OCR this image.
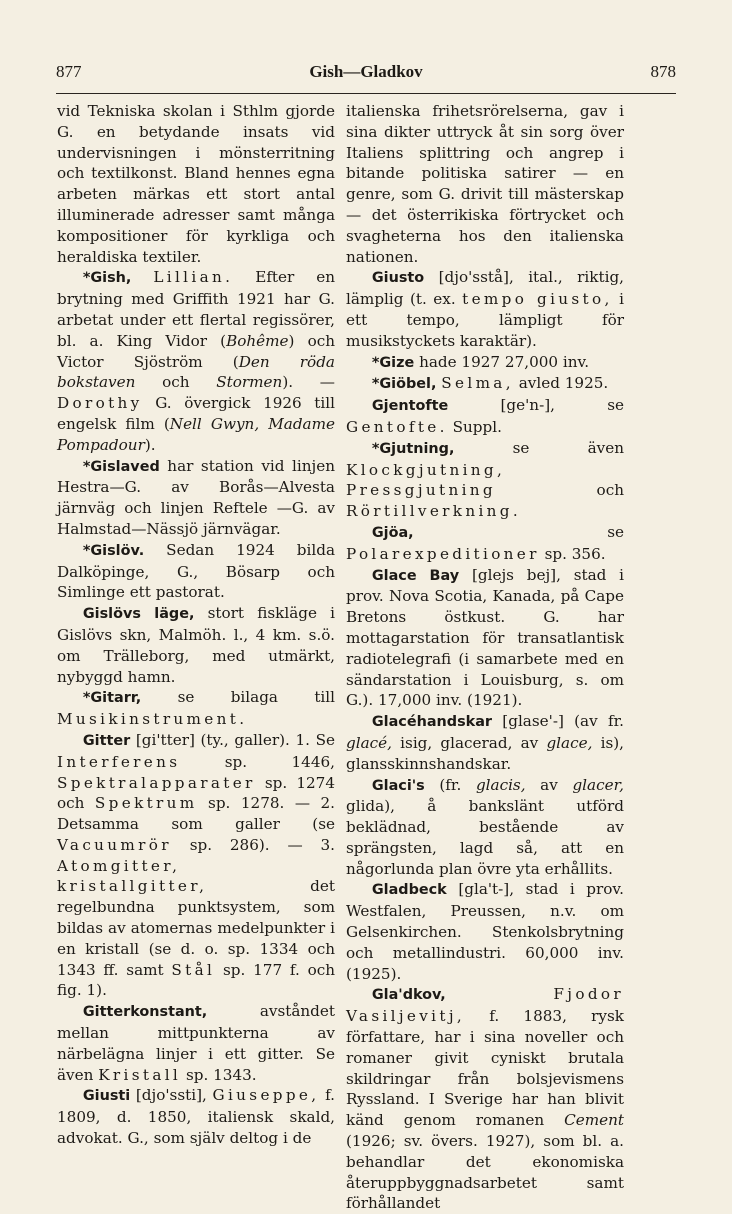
877	Gish—Gladkov	878

vid Tekniska skolan i Sthlm gjorde G. en betydande insats vid undervisningen i mönsterritning och textilkonst. Bland hennes egna arbeten märkas ett stort antal illuminerade adresser samt många kompositioner för kyrkliga och heraldiska textiler.

*Gish, Lillian. Efter en brytning med Griffith 1921 har G. arbetat under ett flertal regissörer, bl. a. King Vidor (Bohême) och Victor Sjöström (Den röda bokstaven och Stormen). — Dorothy G. övergick 1926 till engelsk film (Nell Gwyn, Madame Pompadour).

*Gislaved har station vid linjen Hestra—G. av Borås—Alvesta järnväg och linjen Reftele —G. av Halmstad—Nässjö järnvägar.

*Gislöv. Sedan 1924 bilda Dalköpinge, G., Bösarp och Simlinge ett pastorat.

Gislövs läge, stort fiskläge i Gislövs skn, Malmöh. l., 4 km. s.ö. om Trälleborg, med utmärkt, nybyggd hamn.

*Gitarr, se bilaga till Musikinstrument.

Gitter [gi'tter] (ty., galler). 1. Se Interferens sp. 1446, Spektralapparater sp. 1274 och Spektrum sp. 1278. — 2. Detsamma som galler (se Vacuumrör sp. 286). — 3. Atomgitter, kristallgitter, det regelbundna punktsystem, som bildas av atomernas medelpunkter i en kristall (se d. o. sp. 1334 och 1343 ff. samt Stål sp. 177 f. och fig. 1).

Gitterkonstant,	avståndet mellan mittpunkterna av närbelägna linjer i ett gitter. Se även Kristall sp. 1343.

Giusti [djo'ssti], Giuseppe, f. 1809, d. 1850, italiensk skald, advokat. G., som själv deltog i de

italienska frihetsrörelserna, gav i sina dikter uttryck åt sin sorg över Italiens splittring och angrep i bitande politiska satirer — en genre, som G. drivit till mästerskap — det österrikiska förtrycket och svagheterna hos den italienska nationen.

Giusto [djo'sstå], ital., riktig, lämplig (t. ex. tempo giusto, i ett tempo, lämpligt för musikstyckets karaktär).

*Gize hade 1927 27,000 inv.

*Giöbel, Selma, avled 1925.

Gjentofte	[ge'n-], se Gentofte. Suppl.

*Gjutning,	se även Klockgjutning, Pressgjutning och Rörtillverkning.

Gjöa,	se Polarexpeditioner sp. 356.

Glace Bay [glejs bej], stad i prov. Nova Scotia, Kanada, på Cape Bretons östkust. G. har mottagarstation för transatlantisk radiotelegrafi (i samarbete med en sändarstation i Louisburg, s. om G.). 17,000 inv. (1921).

Glacéhandskar [glase'-] (av fr. glacé, isig, glacerad, av glace, is), glansskinnshandskar.

Glaci's (fr. glacis, av glacer, glida), å bankslänt utförd beklädnad, bestående av sprängsten, lagd så, att en någorlunda plan övre yta erhållits.

Gladbeck [gla't-], stad i prov. Westfalen, Preussen, n.v. om Gelsenkirchen. Stenkolsbrytning och metallindustri. 60,000 inv. (1925).

Gla'dkov,	Fjodor Vasiljevitj, f. 1883, rysk författare, har i sina noveller och romaner givit cyniskt brutala skildringar från bolsjevismens Ryssland. I Sverige har han blivit känd genom romanen Cement (1926; sv. övers. 1927), som bl. a. behandlar det ekonomiska återuppbyggnadsarbetet samt förhållandet
